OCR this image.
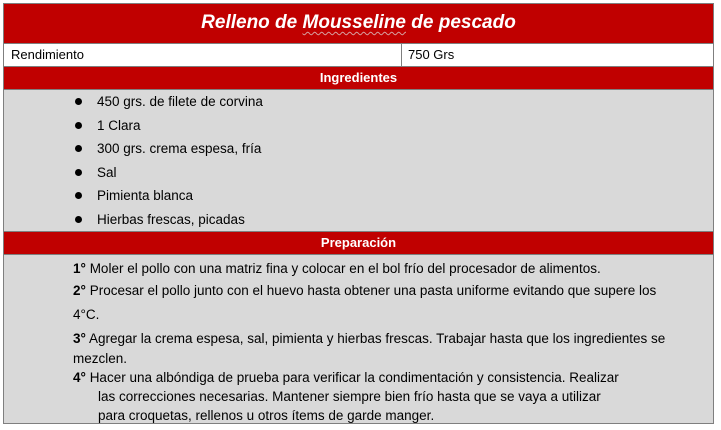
Relleno de Mousseline de pescado
Rendimiento	750 Grs
Ingredientes
450 grs. de filete de corvina
1 Clara
300 grs. crema espesa, fría
Sal
Pimienta blanca
Hierbas frescas, picadas
Preparación
1° Moler el pollo con una matriz fina y colocar en el bol frío del procesador de alimentos.
2° Procesar el pollo junto con el huevo hasta obtener una pasta uniforme evitando que supere los
4°C.
3° Agregar la crema espesa, sal, pimienta y hierbas frescas. Trabajar hasta que los ingredientes se
mezclen.
4° Hacer una albóndiga de prueba para verificar la condimentación y consistencia. Realizar
las correcciones necesarias. Mantener siempre bien frío hasta que se vaya a utilizar
para croquetas, rellenos u otros ítems de garde manger.
